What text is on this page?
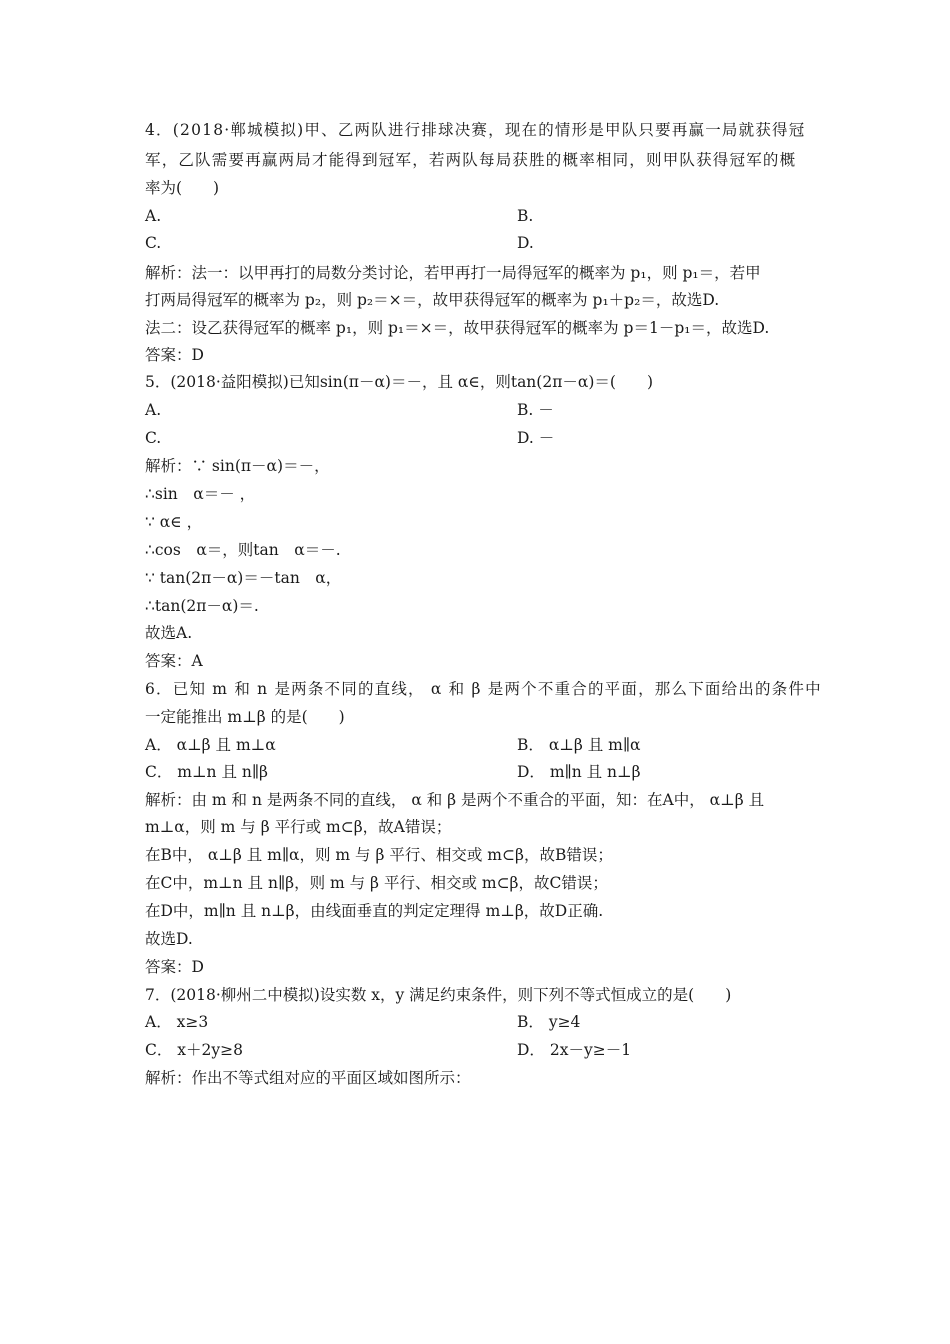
4．(2018·郸城模拟)甲、乙两队进行排球决赛，现在的情形是甲队只要再赢一局就获得冠
军，乙队需要再赢两局才能得到冠军，若两队每局获胜的概率相同，则甲队获得冠军的概
率为(　　)
A.	B.
C.	D.
解析：法一：以甲再打的局数分类讨论，若甲再打一局得冠军的概率为 p₁，则 p₁＝，若甲
打两局得冠军的概率为 p₂，则 p₂＝×＝，故甲获得冠军的概率为 p₁＋p₂＝，故选D.
法二：设乙获得冠军的概率 p₁，则 p₁＝×＝，故甲获得冠军的概率为 p＝1－p₁＝，故选D.
答案：D
5．(2018·益阳模拟)已知sin(π－α)＝－，且 α∈，则tan(2π－α)＝(　　)
A.	B. －
C.	D. －
解析：∵ sin(π－α)＝－，
∴sin　α＝－ ，
∵ α∈ ，
∴cos　α＝，则tan　α＝－.
∵ tan(2π－α)＝－tan　α，
∴tan(2π－α)＝.
故选A.
答案：A
6．已知 m 和 n 是两条不同的直线， α 和 β 是两个不重合的平面，那么下面给出的条件中
一定能推出 m⊥β 的是(　　)
A． α⊥β 且 m⊥α	B． α⊥β 且 m∥α
C． m⊥n 且 n∥β	D． m∥n 且 n⊥β
解析：由 m 和 n 是两条不同的直线， α 和 β 是两个不重合的平面，知：在A中， α⊥β 且
m⊥α，则 m 与 β 平行或 m⊂β，故A错误；
在B中， α⊥β 且 m∥α，则 m 与 β 平行、相交或 m⊂β，故B错误；
在C中，m⊥n 且 n∥β，则 m 与 β 平行、相交或 m⊂β，故C错误；
在D中，m∥n 且 n⊥β，由线面垂直的判定定理得 m⊥β，故D正确.
故选D.
答案：D
7．(2018·柳州二中模拟)设实数 x，y 满足约束条件，则下列不等式恒成立的是(　　)
A． x≥3	B． y≥4
C． x＋2y≥8	D． 2x－y≥－1
解析：作出不等式组对应的平面区域如图所示：
